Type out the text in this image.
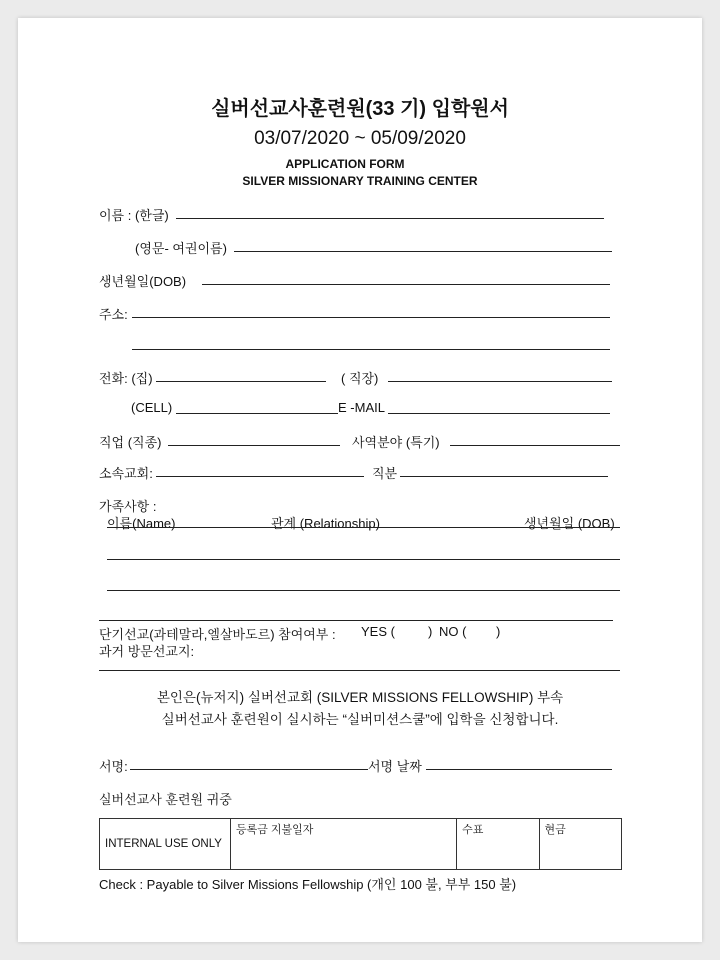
실버선교사훈련원(33 기) 입학원서
03/07/2020 ~ 05/09/2020
APPLICATION FORM
SILVER MISSIONARY TRAINING CENTER
이름 : (한글)
(영문- 여권이름)
생년월일(DOB)
주소:
전화: (집)	( 직장)
(CELL)	E -MAIL
직업 (직종)	사역분야 (특기)
소속교회:	직분
가족사항 :
이름(Name)	관계 (Relationship)	생년월일 (DOB)
단기선교(과테말라,엘살바도르) 참여여부 : YES (	) NO ( )
과거 방문선교지:
본인은(뉴저지) 실버선교회 (SILVER MISSIONS FELLOWSHIP) 부속
실버선교사 훈련원이 실시하는 “실버미션스쿨”에 입학을 신청합니다.
서명:	서명 날짜
실버선교사 훈련원 귀중
INTERNAL USE ONLY	등록금 지불일자	수표	현금
Check : Payable to Silver Missions Fellowship (개인 100 불, 부부 150 불)
